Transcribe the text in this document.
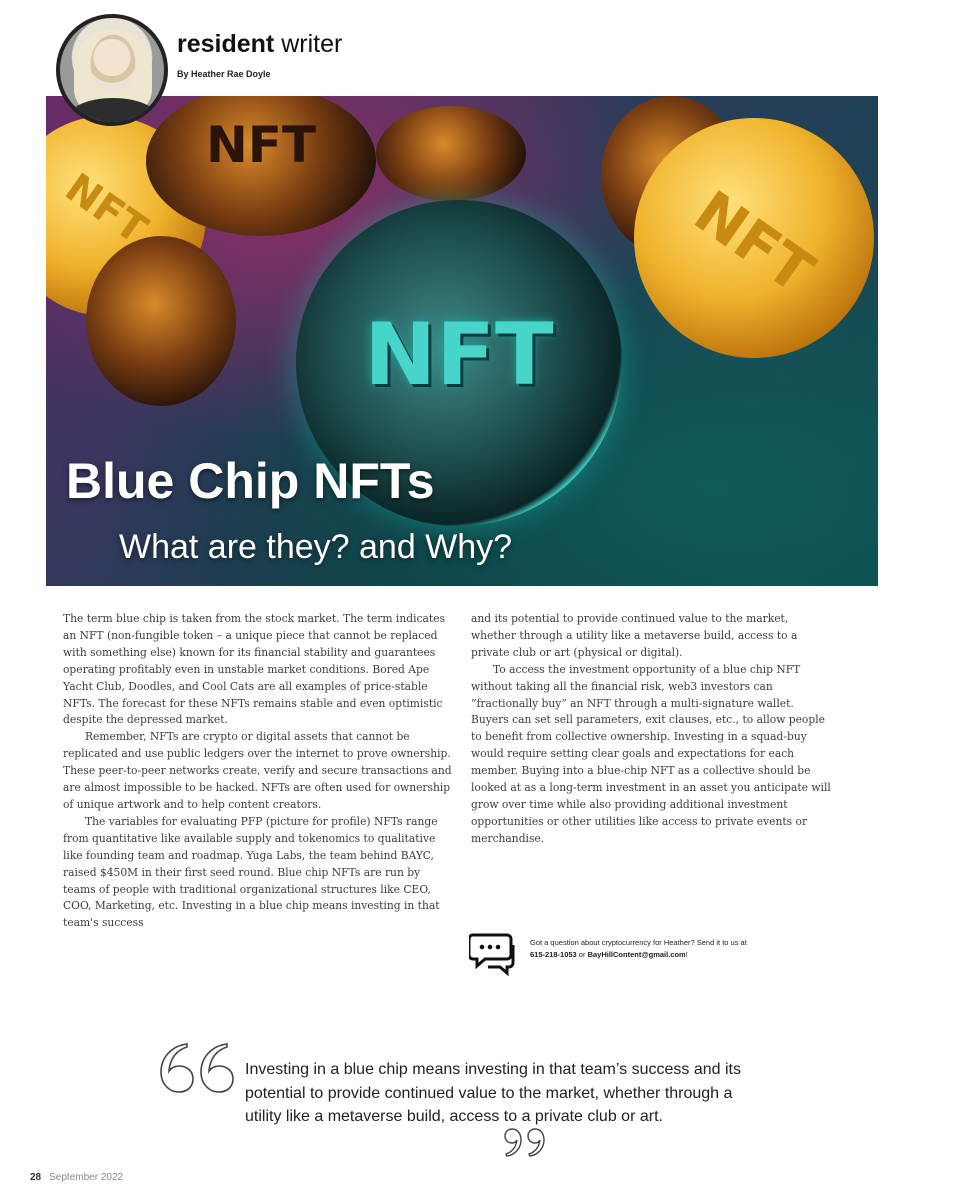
resident writer
By Heather Rae Doyle
NFT
NFT
NFT
NFT
Blue Chip NFTs
What are they? and Why?

The term blue chip is taken from the stock market. The term indicates an NFT (non-fungible token – a unique piece that cannot be replaced with something else) known for its financial stability and guarantees operating profitably even in unstable market conditions. Bored Ape Yacht Club, Doodles, and Cool Cats are all examples of price-stable NFTs. The forecast for these NFTs remains stable and even optimistic despite the depressed market.

Remember, NFTs are crypto or digital assets that cannot be replicated and use public ledgers over the internet to prove ownership. These peer-to-peer networks create, verify and secure transactions and are almost impossible to be hacked. NFTs are often used for ownership of unique artwork and to help content creators.

The variables for evaluating PFP (picture for profile) NFTs range from quantitative like available supply and tokenomics to qualitative like founding team and roadmap. Yuga Labs, the team behind BAYC, raised $450M in their first seed round. Blue chip NFTs are run by teams of people with traditional organizational structures like CEO, COO, Marketing, etc. Investing in a blue chip means investing in that team's success

and its potential to provide continued value to the market, whether through a utility like a metaverse build, access to a private club or art (physical or digital).

To access the investment opportunity of a blue chip NFT without taking all the financial risk, web3 investors can “fractionally buy” an NFT through a multi-signature wallet. Buyers can set sell parameters, exit clauses, etc., to allow people to benefit from collective ownership. Investing in a squad-buy would require setting clear goals and expectations for each member. Buying into a blue-chip NFT as a collective should be looked at as a long-term investment in an asset you anticipate will grow over time while also providing additional investment opportunities or other utilities like access to private events or merchandise.

Got a question about cryptocurrency for Heather? Send it to us at
615-218-1053 or BayHillContent@gmail.com!

Investing in a blue chip means investing in that team’s success and its potential to provide continued value to the market, whether through a utility like a metaverse build, access to a private club or art.

28 September 2022
